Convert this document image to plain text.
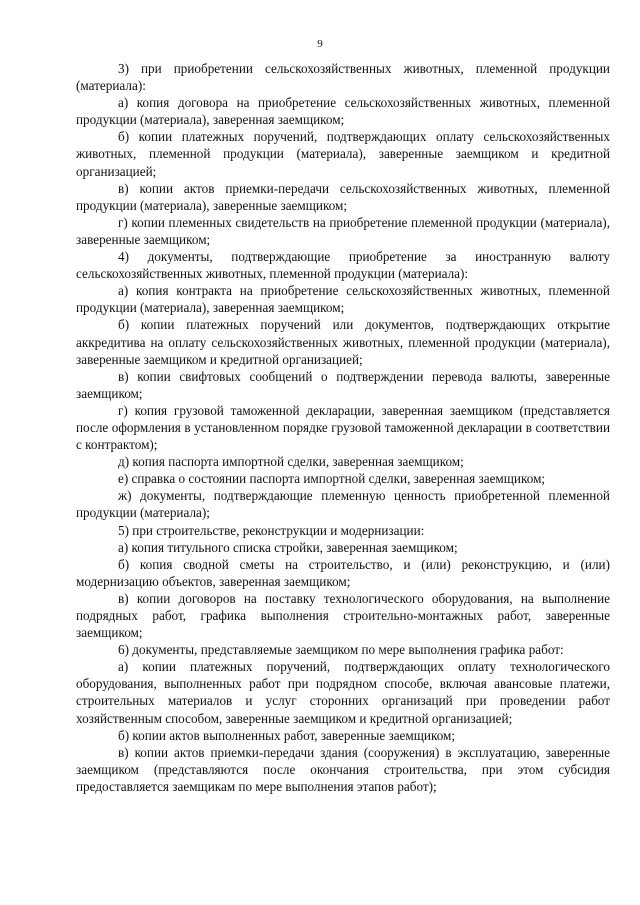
9

3) при приобретении сельскохозяйственных животных, племенной продукции (материала):

а) копия договора на приобретение сельскохозяйственных животных, племенной продукции (материала), заверенная заемщиком;

б) копии платежных поручений, подтверждающих оплату сельскохозяйственных животных, племенной продукции (материала), заверенные заемщиком и кредитной организацией;

в) копии актов приемки-передачи сельскохозяйственных животных, племенной продукции (материала), заверенные заемщиком;

г) копии племенных свидетельств на приобретение племенной продукции (материала), заверенные заемщиком;

4) документы, подтверждающие приобретение за иностранную валюту сельскохозяйственных животных, племенной продукции (материала):

а) копия контракта на приобретение сельскохозяйственных животных, племенной продукции (материала), заверенная заемщиком;

б) копии платежных поручений или документов, подтверждающих открытие аккредитива на оплату сельскохозяйственных животных, племенной продукции (материала), заверенные заемщиком и кредитной организацией;

в) копии свифтовых сообщений о подтверждении перевода валюты, заверенные заемщиком;

г) копия грузовой таможенной декларации, заверенная заемщиком (представляется после оформления в установленном порядке грузовой таможенной декларации в соответствии с контрактом);

д) копия паспорта импортной сделки, заверенная заемщиком;

е) справка о состоянии паспорта импортной сделки, заверенная заемщиком;

ж) документы, подтверждающие племенную ценность приобретенной племенной продукции (материала);

5) при строительстве, реконструкции и модернизации:

а) копия титульного списка стройки, заверенная заемщиком;

б) копия сводной сметы на строительство, и (или) реконструкцию, и (или) модернизацию объектов, заверенная заемщиком;

в) копии договоров на поставку технологического оборудования, на выполнение подрядных работ, графика выполнения строительно-монтажных работ, заверенные заемщиком;

6) документы, представляемые заемщиком по мере выполнения графика работ:

а) копии платежных поручений, подтверждающих оплату технологического оборудования, выполненных работ при подрядном способе, включая авансовые платежи, строительных материалов и услуг сторонних организаций при проведении работ хозяйственным способом, заверенные заемщиком и кредитной организацией;

б) копии актов выполненных работ, заверенные заемщиком;

в) копии актов приемки-передачи здания (сооружения) в эксплуатацию, заверенные заемщиком (представляются после окончания строительства, при этом субсидия предоставляется заемщикам по мере выполнения этапов работ);
